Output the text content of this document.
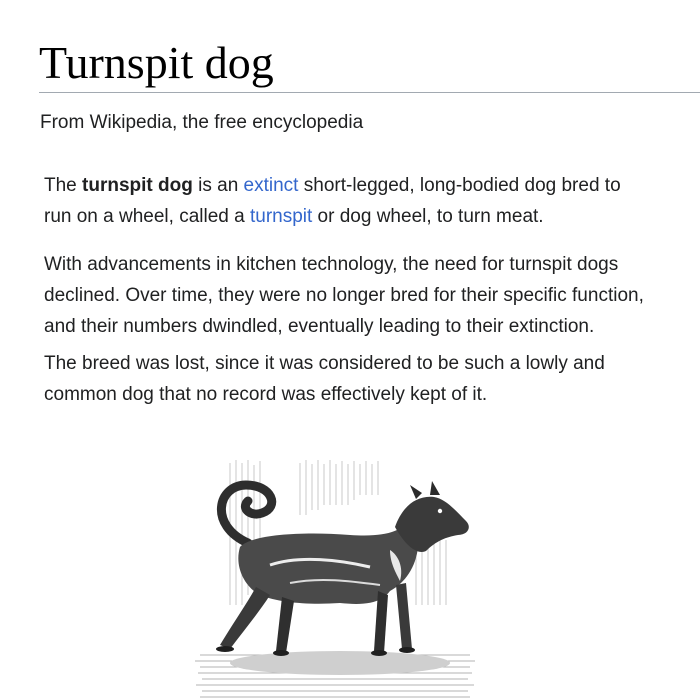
Turnspit dog
From Wikipedia, the free encyclopedia

The turnspit dog is an extinct short-legged, long-bodied dog bred to run on a wheel, called a turnspit or dog wheel, to turn meat.

With advancements in kitchen technology, the need for turnspit dogs declined. Over time, they were no longer bred for their specific function, and their numbers dwindled, eventually leading to their extinction.

The breed was lost, since it was considered to be such a lowly and common dog that no record was effectively kept of it.
